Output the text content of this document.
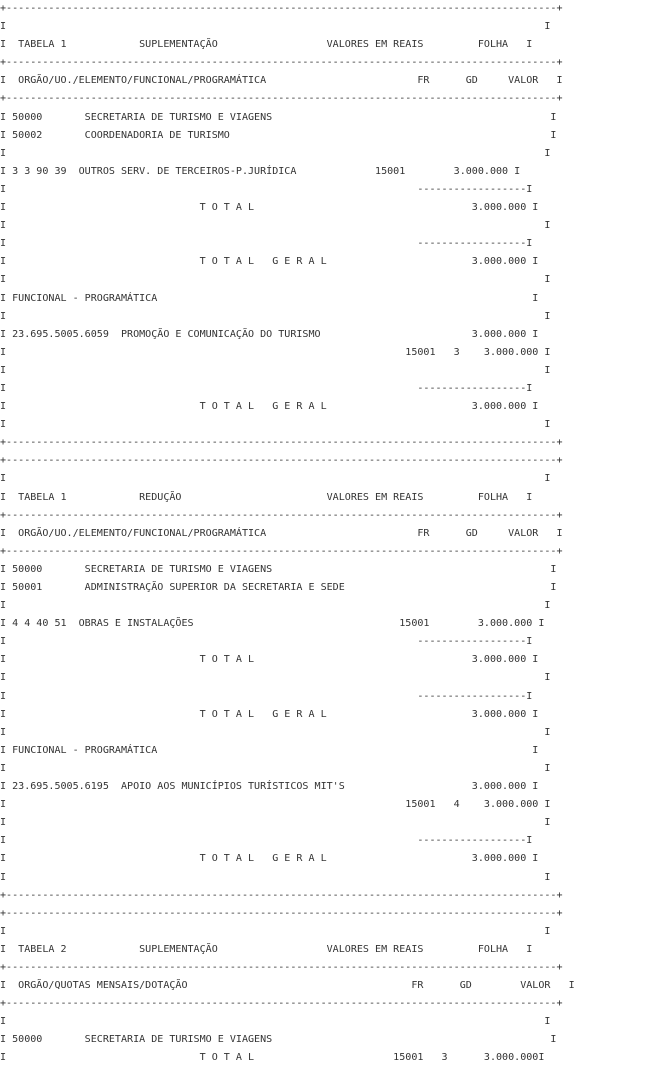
+-------------------------------------------------------------------------------------------+
I                                                                                         I
I  TABELA 1            SUPLEMENTAÇÃO                  VALORES EM REAIS         FOLHA   I
+-------------------------------------------------------------------------------------------+
I  ORGÃO/UO./ELEMENTO/FUNCIONAL/PROGRAMÁTICA                         FR      GD     VALOR   I
+-------------------------------------------------------------------------------------------+
I 50000       SECRETARIA DE TURISMO E VIAGENS                                              I
I 50002       COORDENADORIA DE TURISMO                                                     I
I                                                                                         I
I 3 3 90 39  OUTROS SERV. DE TERCEIROS-P.JURÍDICA             15001        3.000.000 I
I                                                                    ------------------I
I                                T O T A L                                    3.000.000 I
I                                                                                         I
I                                                                    ------------------I
I                                T O T A L   G E R A L                        3.000.000 I
I                                                                                         I
I FUNCIONAL - PROGRAMÁTICA                                                              I
I                                                                                         I
I 23.695.5005.6059  PROMOÇÃO E COMUNICAÇÃO DO TURISMO                         3.000.000 I
I                                                                  15001   3    3.000.000 I
I                                                                                         I
I                                                                    ------------------I
I                                T O T A L   G E R A L                        3.000.000 I
I                                                                                         I
+-------------------------------------------------------------------------------------------+
+-------------------------------------------------------------------------------------------+
I                                                                                         I
I  TABELA 1            REDUÇÃO                        VALORES EM REAIS         FOLHA   I
+-------------------------------------------------------------------------------------------+
I  ORGÃO/UO./ELEMENTO/FUNCIONAL/PROGRAMÁTICA                         FR      GD     VALOR   I
+-------------------------------------------------------------------------------------------+
I 50000       SECRETARIA DE TURISMO E VIAGENS                                              I
I 50001       ADMINISTRAÇÃO SUPERIOR DA SECRETARIA E SEDE                                  I
I                                                                                         I
I 4 4 40 51  OBRAS E INSTALAÇÕES                                  15001        3.000.000 I
I                                                                    ------------------I
I                                T O T A L                                    3.000.000 I
I                                                                                         I
I                                                                    ------------------I
I                                T O T A L   G E R A L                        3.000.000 I
I                                                                                         I
I FUNCIONAL - PROGRAMÁTICA                                                              I
I                                                                                         I
I 23.695.5005.6195  APOIO AOS MUNICÍPIOS TURÍSTICOS MIT'S                     3.000.000 I
I                                                                  15001   4    3.000.000 I
I                                                                                         I
I                                                                    ------------------I
I                                T O T A L   G E R A L                        3.000.000 I
I                                                                                         I
+-------------------------------------------------------------------------------------------+
+-------------------------------------------------------------------------------------------+
I                                                                                         I
I  TABELA 2            SUPLEMENTAÇÃO                  VALORES EM REAIS         FOLHA   I
+-------------------------------------------------------------------------------------------+
I  ORGÃO/QUOTAS MENSAIS/DOTAÇÃO                                     FR      GD        VALOR   I
+-------------------------------------------------------------------------------------------+
I                                                                                         I
I 50000       SECRETARIA DE TURISMO E VIAGENS                                              I
I                                T O T A L                       15001   3      3.000.000I
